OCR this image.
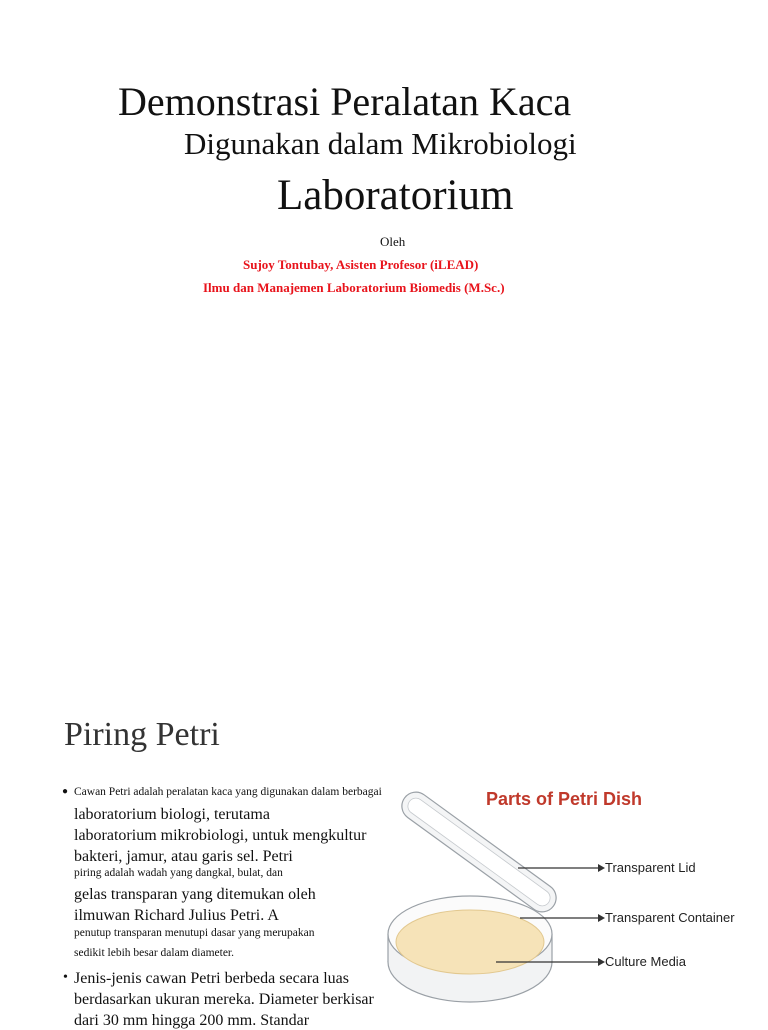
Demonstrasi Peralatan Kaca
Digunakan dalam Mikrobiologi
Laboratorium
Oleh
Sujoy Tontubay, Asisten Profesor (iLEAD)
Ilmu dan Manajemen Laboratorium Biomedis (M.Sc.)
Piring Petri
● Cawan Petri adalah peralatan kaca yang digunakan dalam berbagai
laboratorium biologi, terutama
laboratorium mikrobiologi, untuk mengkultur
bakteri, jamur, atau garis sel. Petri
piring adalah wadah yang dangkal, bulat, dan
gelas transparan yang ditemukan oleh
ilmuwan Richard Julius Petri. A
penutup transparan menutupi dasar yang merupakan
sedikit lebih besar dalam diameter.
• Jenis-jenis cawan Petri berbeda secara luas
berdasarkan ukuran mereka. Diameter berkisar
dari 30 mm hingga 200 mm. Standar
Parts of Petri Dish
Transparent Lid
Transparent Container
Culture Media
